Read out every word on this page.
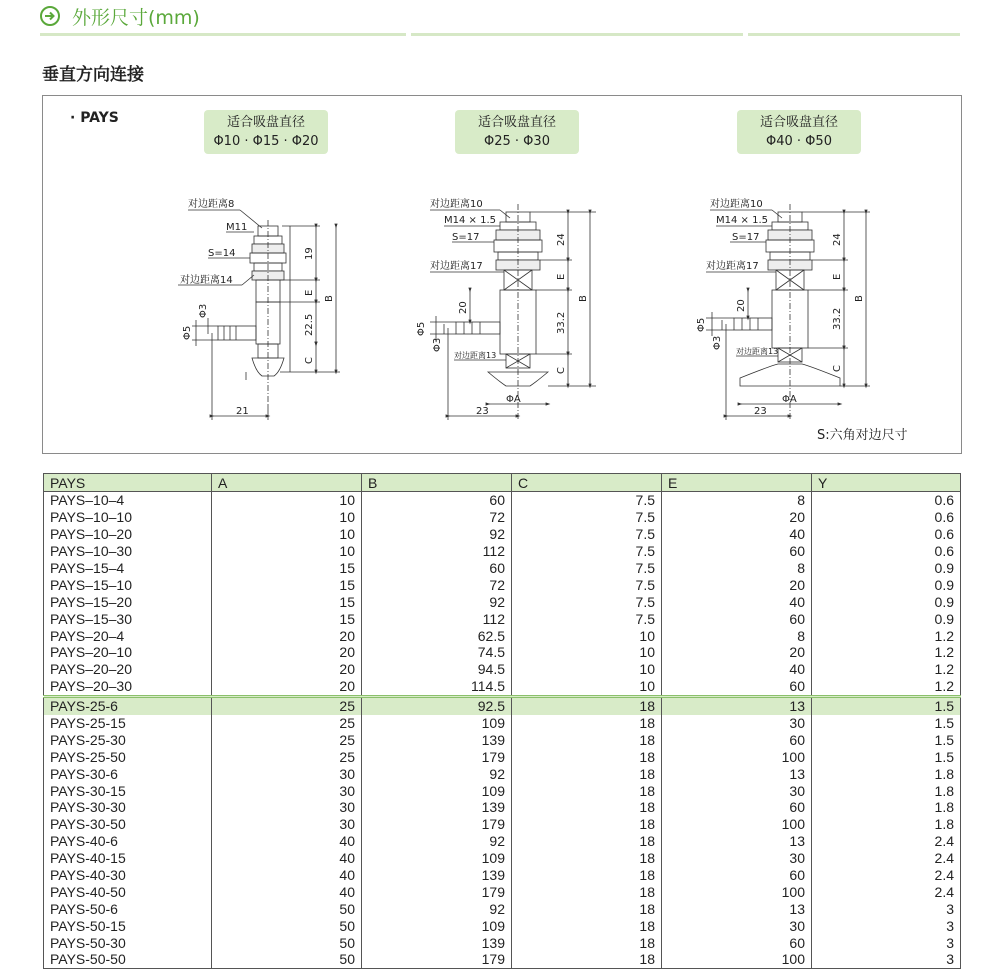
外形尺寸(mm)
垂直方向连接
· PAYS	适合吸盘直径
Φ10 · Φ15 · Φ20
适合吸盘直径
Φ25 · Φ30
适合吸盘直径
Φ40 · Φ50
对边距离8
M11
S=14
对边距离14
Φ5
Φ3
19
E
B
22.5
C
21
对边距离10
M14 × 1.5
S=17
对边距离17
对边距离13
Φ5
Φ3
20
24
E
B
33.2
C
ΦA
23
对边距离10
M14 × 1.5
S=17
对边距离17
对边距离13
Φ5
Φ3
20
24
E
B
33.2
C
ΦA
23
S:六角对边尺寸
PAYS	A	B	C	E	Y
PAYS–10–4	10	60	7.5	8	0.6
PAYS–10–10	10	72	7.5	20	0.6
PAYS–10–20	10	92	7.5	40	0.6
PAYS–10–30	10	112	7.5	60	0.6
PAYS–15–4	15	60	7.5	8	0.9
PAYS–15–10	15	72	7.5	20	0.9
PAYS–15–20	15	92	7.5	40	0.9
PAYS–15–30	15	112	7.5	60	0.9
PAYS–20–4	20	62.5	10	8	1.2
PAYS–20–10	20	74.5	10	20	1.2
PAYS–20–20	20	94.5	10	40	1.2
PAYS–20–30	20	114.5	10	60	1.2
PAYS-25-6	25	92.5	18	13	1.5
PAYS-25-15	25	109	18	30	1.5
PAYS-25-30	25	139	18	60	1.5
PAYS-25-50	25	179	18	100	1.5
PAYS-30-6	30	92	18	13	1.8
PAYS-30-15	30	109	18	30	1.8
PAYS-30-30	30	139	18	60	1.8
PAYS-30-50	30	179	18	100	1.8
PAYS-40-6	40	92	18	13	2.4
PAYS-40-15	40	109	18	30	2.4
PAYS-40-30	40	139	18	60	2.4
PAYS-40-50	40	179	18	100	2.4
PAYS-50-6	50	92	18	13	3
PAYS-50-15	50	109	18	30	3
PAYS-50-30	50	139	18	60	3
PAYS-50-50	50	179	18	100	3
